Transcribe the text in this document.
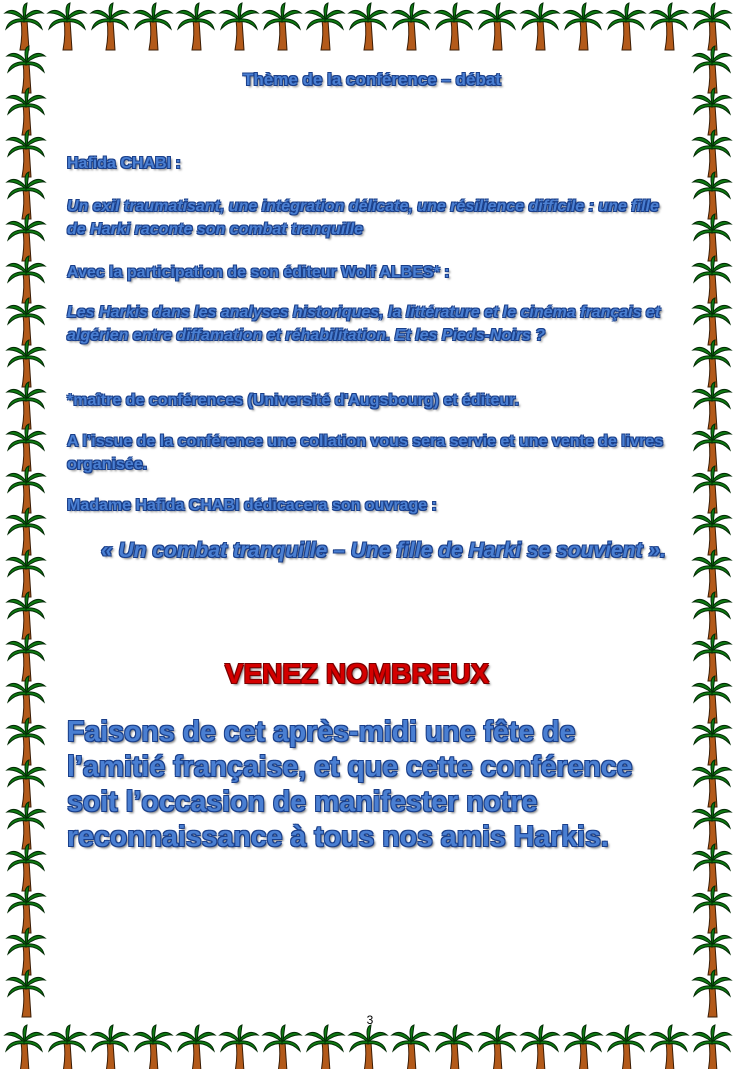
Thème de la conférence – débat

Hafida CHABI :

Un exil traumatisant, une intégration délicate, une résilience difficile : une fille de Harki raconte son combat tranquille

Avec la participation de son éditeur Wolf ALBES* :

Les Harkis dans les analyses historiques, la littérature et le cinéma français et algérien entre diffamation et réhabilitation. Et les Pieds-Noirs ?

*maître de conférences (Université d'Augsbourg) et éditeur.

A l’issue de la conférence une collation vous sera servie et une vente de livres organisée.

Madame Hafida CHABI dédicacera son ouvrage :

« Un combat tranquille – Une fille de Harki se souvient ».
VENEZ NOMBREUX
Faisons de cet après-midi une fête de l’amitié française, et que cette conférence soit l’occasion de manifester notre reconnaissance à tous nos amis Harkis.
3
